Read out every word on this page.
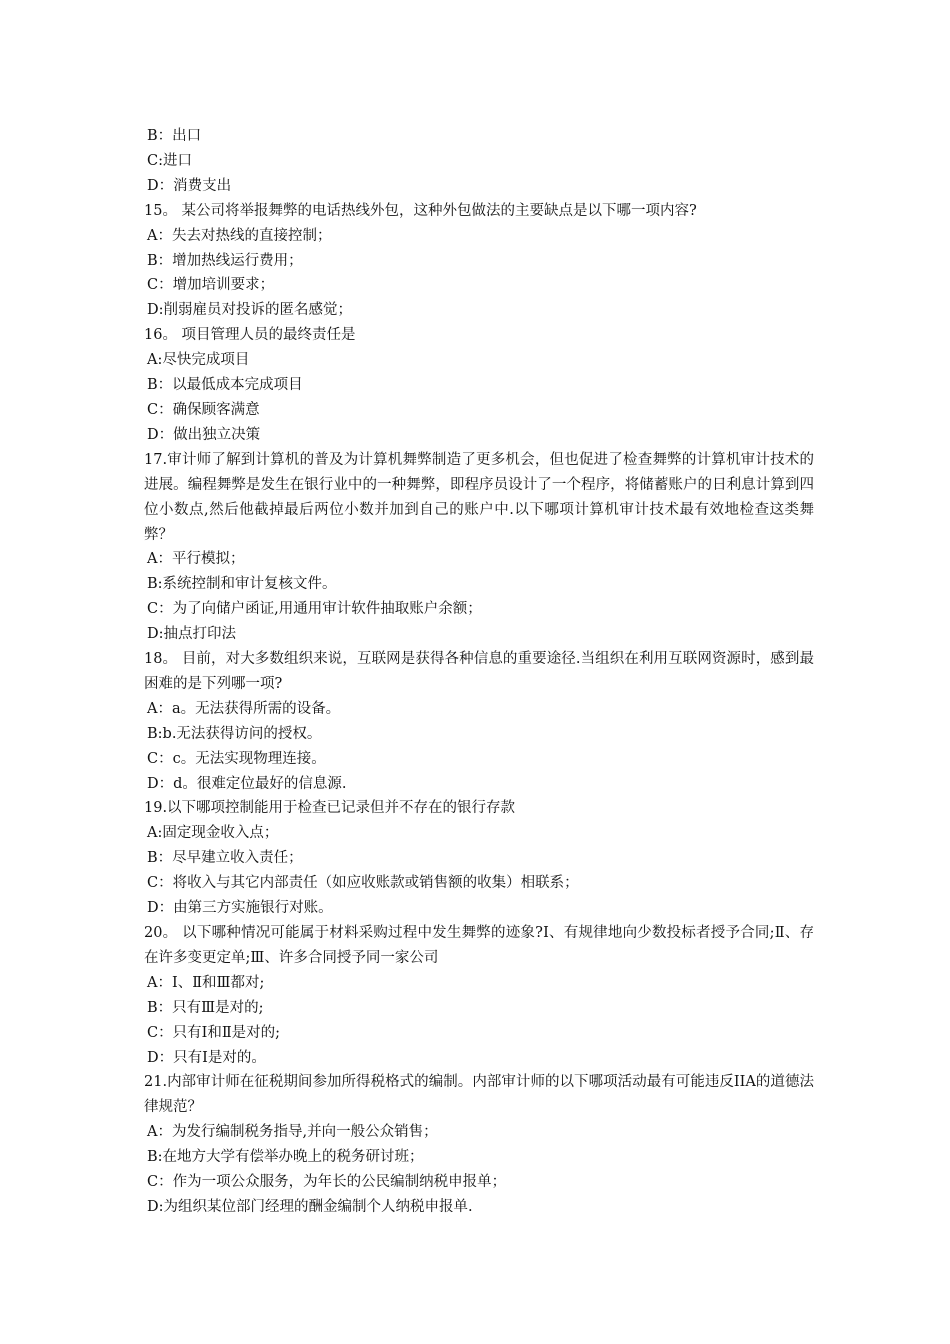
B：出口
C:进口
D：消费支出
15。 某公司将举报舞弊的电话热线外包，这种外包做法的主要缺点是以下哪一项内容?
A：失去对热线的直接控制；
B：增加热线运行费用；
C：增加培训要求；
D:削弱雇员对投诉的匿名感觉；
16。 项目管理人员的最终责任是
A:尽快完成项目
B：以最低成本完成项目
C：确保顾客满意
D：做出独立决策
17.审计师了解到计算机的普及为计算机舞弊制造了更多机会，但也促进了检查舞弊的计算机审计技术的进展。编程舞弊是发生在银行业中的一种舞弊，即程序员设计了一个程序，将储蓄账户的日利息计算到四位小数点,然后他截掉最后两位小数并加到自己的账户中.以下哪项计算机审计技术最有效地检查这类舞弊？
A：平行模拟；
B:系统控制和审计复核文件。
C：为了向储户函证,用通用审计软件抽取账户余额；
D:抽点打印法
18。 目前，对大多数组织来说，互联网是获得各种信息的重要途径.当组织在利用互联网资源时，感到最困难的是下列哪一项?
A：a。无法获得所需的设备。
B:b.无法获得访问的授权。
C：c。无法实现物理连接。
D：d。很难定位最好的信息源.
19.以下哪项控制能用于检查已记录但并不存在的银行存款
A:固定现金收入点；
B：尽早建立收入责任；
C：将收入与其它内部责任（如应收账款或销售额的收集）相联系；
D：由第三方实施银行对账。
20。 以下哪种情况可能属于材料采购过程中发生舞弊的迹象?Ⅰ、有规律地向少数投标者授予合同;Ⅱ、存在许多变更定单;Ⅲ、许多合同授予同一家公司
A：Ⅰ、Ⅱ和Ⅲ都对;
B：只有Ⅲ是对的;
C：只有Ⅰ和Ⅱ是对的;
D：只有Ⅰ是对的。
21.内部审计师在征税期间参加所得税格式的编制。内部审计师的以下哪项活动最有可能违反IIA的道德法律规范？
A：为发行编制税务指导,并向一般公众销售；
B:在地方大学有偿举办晚上的税务研讨班；
C：作为一项公众服务，为年长的公民编制纳税申报单；
D:为组织某位部门经理的酬金编制个人纳税申报单.
